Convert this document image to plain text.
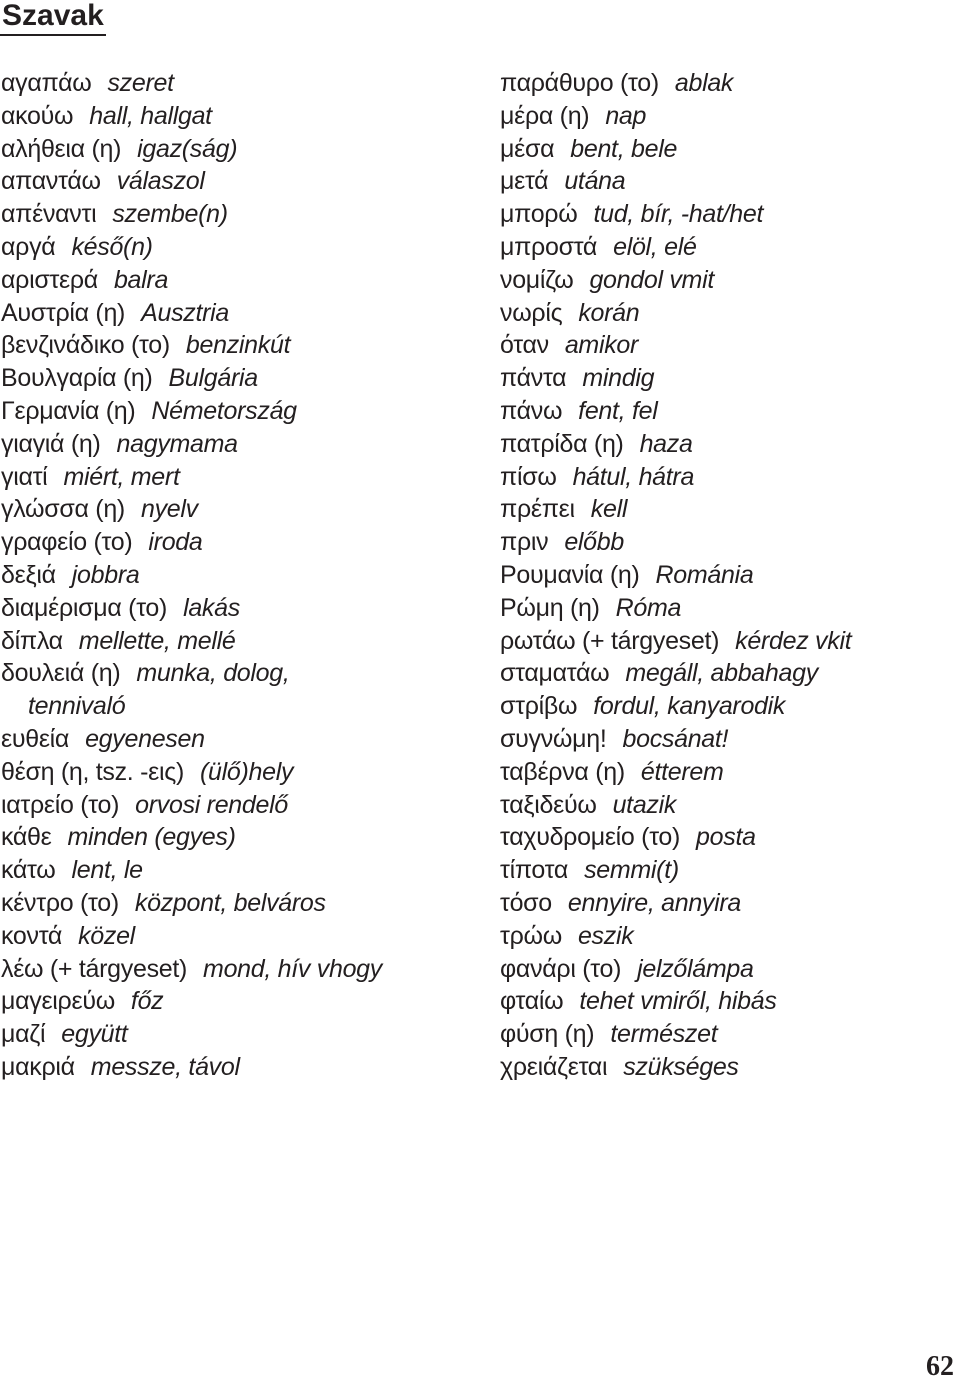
Szavak
αγαπάω szeret
ακούω hall, hallgat
αλήθεια (η) igaz(ság)
απαντάω válaszol
απέναντι szembe(n)
αργά késő(n)
αριστερά balra
Αυστρία (η) Ausztria
βενζινάδικο (το) benzinkút
Βουλγαρία (η) Bulgária
Γερμανία (η) Németország
γιαγιά (η) nagymama
γιατί miért, mert
γλώσσα (η) nyelv
γραφείο (το) iroda
δεξιά jobbra
διαμέρισμα (το) lakás
δίπλα mellette, mellé
δουλειά (η) munka, dolog,
tennivaló
ευθεία egyenesen
θέση (η, tsz. -εις) (ülő)hely
ιατρείο (το) orvosi rendelő
κάθε minden (egyes)
κάτω lent, le
κέντρο (το) központ, belváros
κοντά közel
λέω (+ tárgyeset) mond, hív vhogy
μαγειρεύω főz
μαζί együtt
μακριά messze, távol
παράθυρο (το) ablak
μέρα (η) nap
μέσα bent, bele
μετά utána
μπορώ tud, bír, -hat/het
μπροστά elöl, elé
νομίζω gondol vmit
νωρίς korán
όταν amikor
πάντα mindig
πάνω fent, fel
πατρίδα (η) haza
πίσω hátul, hátra
πρέπει kell
πριν előbb
Ρουμανία (η) Románia
Ρώμη (η) Róma
ρωτάω (+ tárgyeset) kérdez vkit
σταματάω megáll, abbahagy
στρίβω fordul, kanyarodik
συγνώμη! bocsánat!
ταβέρνα (η) étterem
ταξιδεύω utazik
ταχυδρομείο (το) posta
τίποτα semmi(t)
τόσο ennyire, annyira
τρώω eszik
φανάρι (το) jelzőlámpa
φταίω tehet vmiről, hibás
φύση (η) természet
χρειάζεται szükséges
62
